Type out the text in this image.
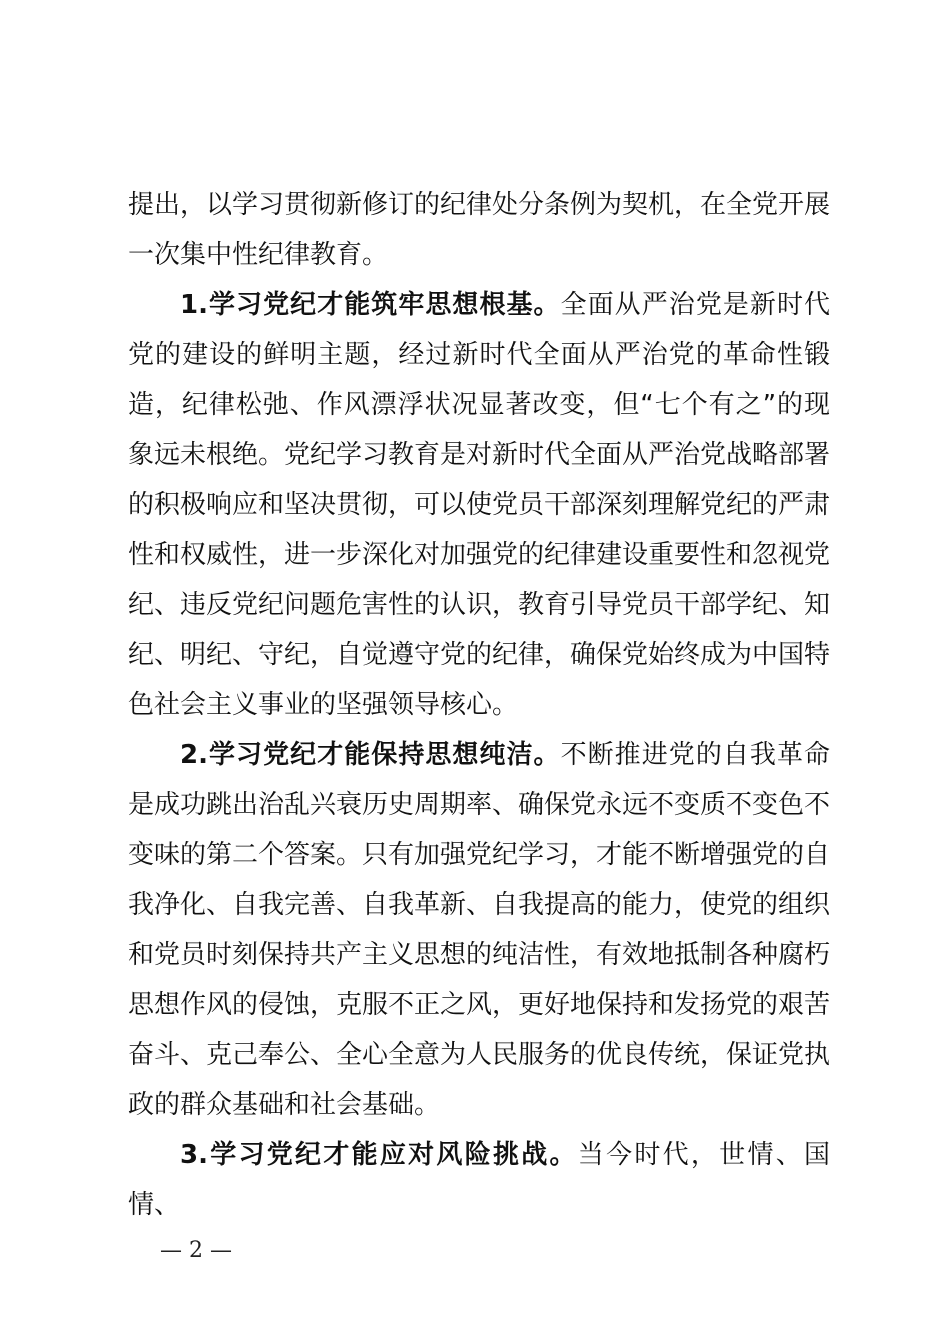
提出，以学习贯彻新修订的纪律处分条例为契机，在全党开展一次集中性纪律教育。

1.学习党纪才能筑牢思想根基。全面从严治党是新时代党的建设的鲜明主题，经过新时代全面从严治党的革命性锻造，纪律松弛、作风漂浮状况显著改变，但“七个有之”的现象远未根绝。党纪学习教育是对新时代全面从严治党战略部署的积极响应和坚决贯彻，可以使党员干部深刻理解党纪的严肃性和权威性，进一步深化对加强党的纪律建设重要性和忽视党纪、违反党纪问题危害性的认识，教育引导党员干部学纪、知纪、明纪、守纪，自觉遵守党的纪律，确保党始终成为中国特色社会主义事业的坚强领导核心。

2.学习党纪才能保持思想纯洁。不断推进党的自我革命是成功跳出治乱兴衰历史周期率、确保党永远不变质不变色不变味的第二个答案。只有加强党纪学习，才能不断增强党的自我净化、自我完善、自我革新、自我提高的能力，使党的组织和党员时刻保持共产主义思想的纯洁性，有效地抵制各种腐朽思想作风的侵蚀，克服不正之风，更好地保持和发扬党的艰苦奋斗、克己奉公、全心全意为人民服务的优良传统，保证党执政的群众基础和社会基础。

3.学习党纪才能应对风险挑战。当今时代，世情、国情、

— 2 —
